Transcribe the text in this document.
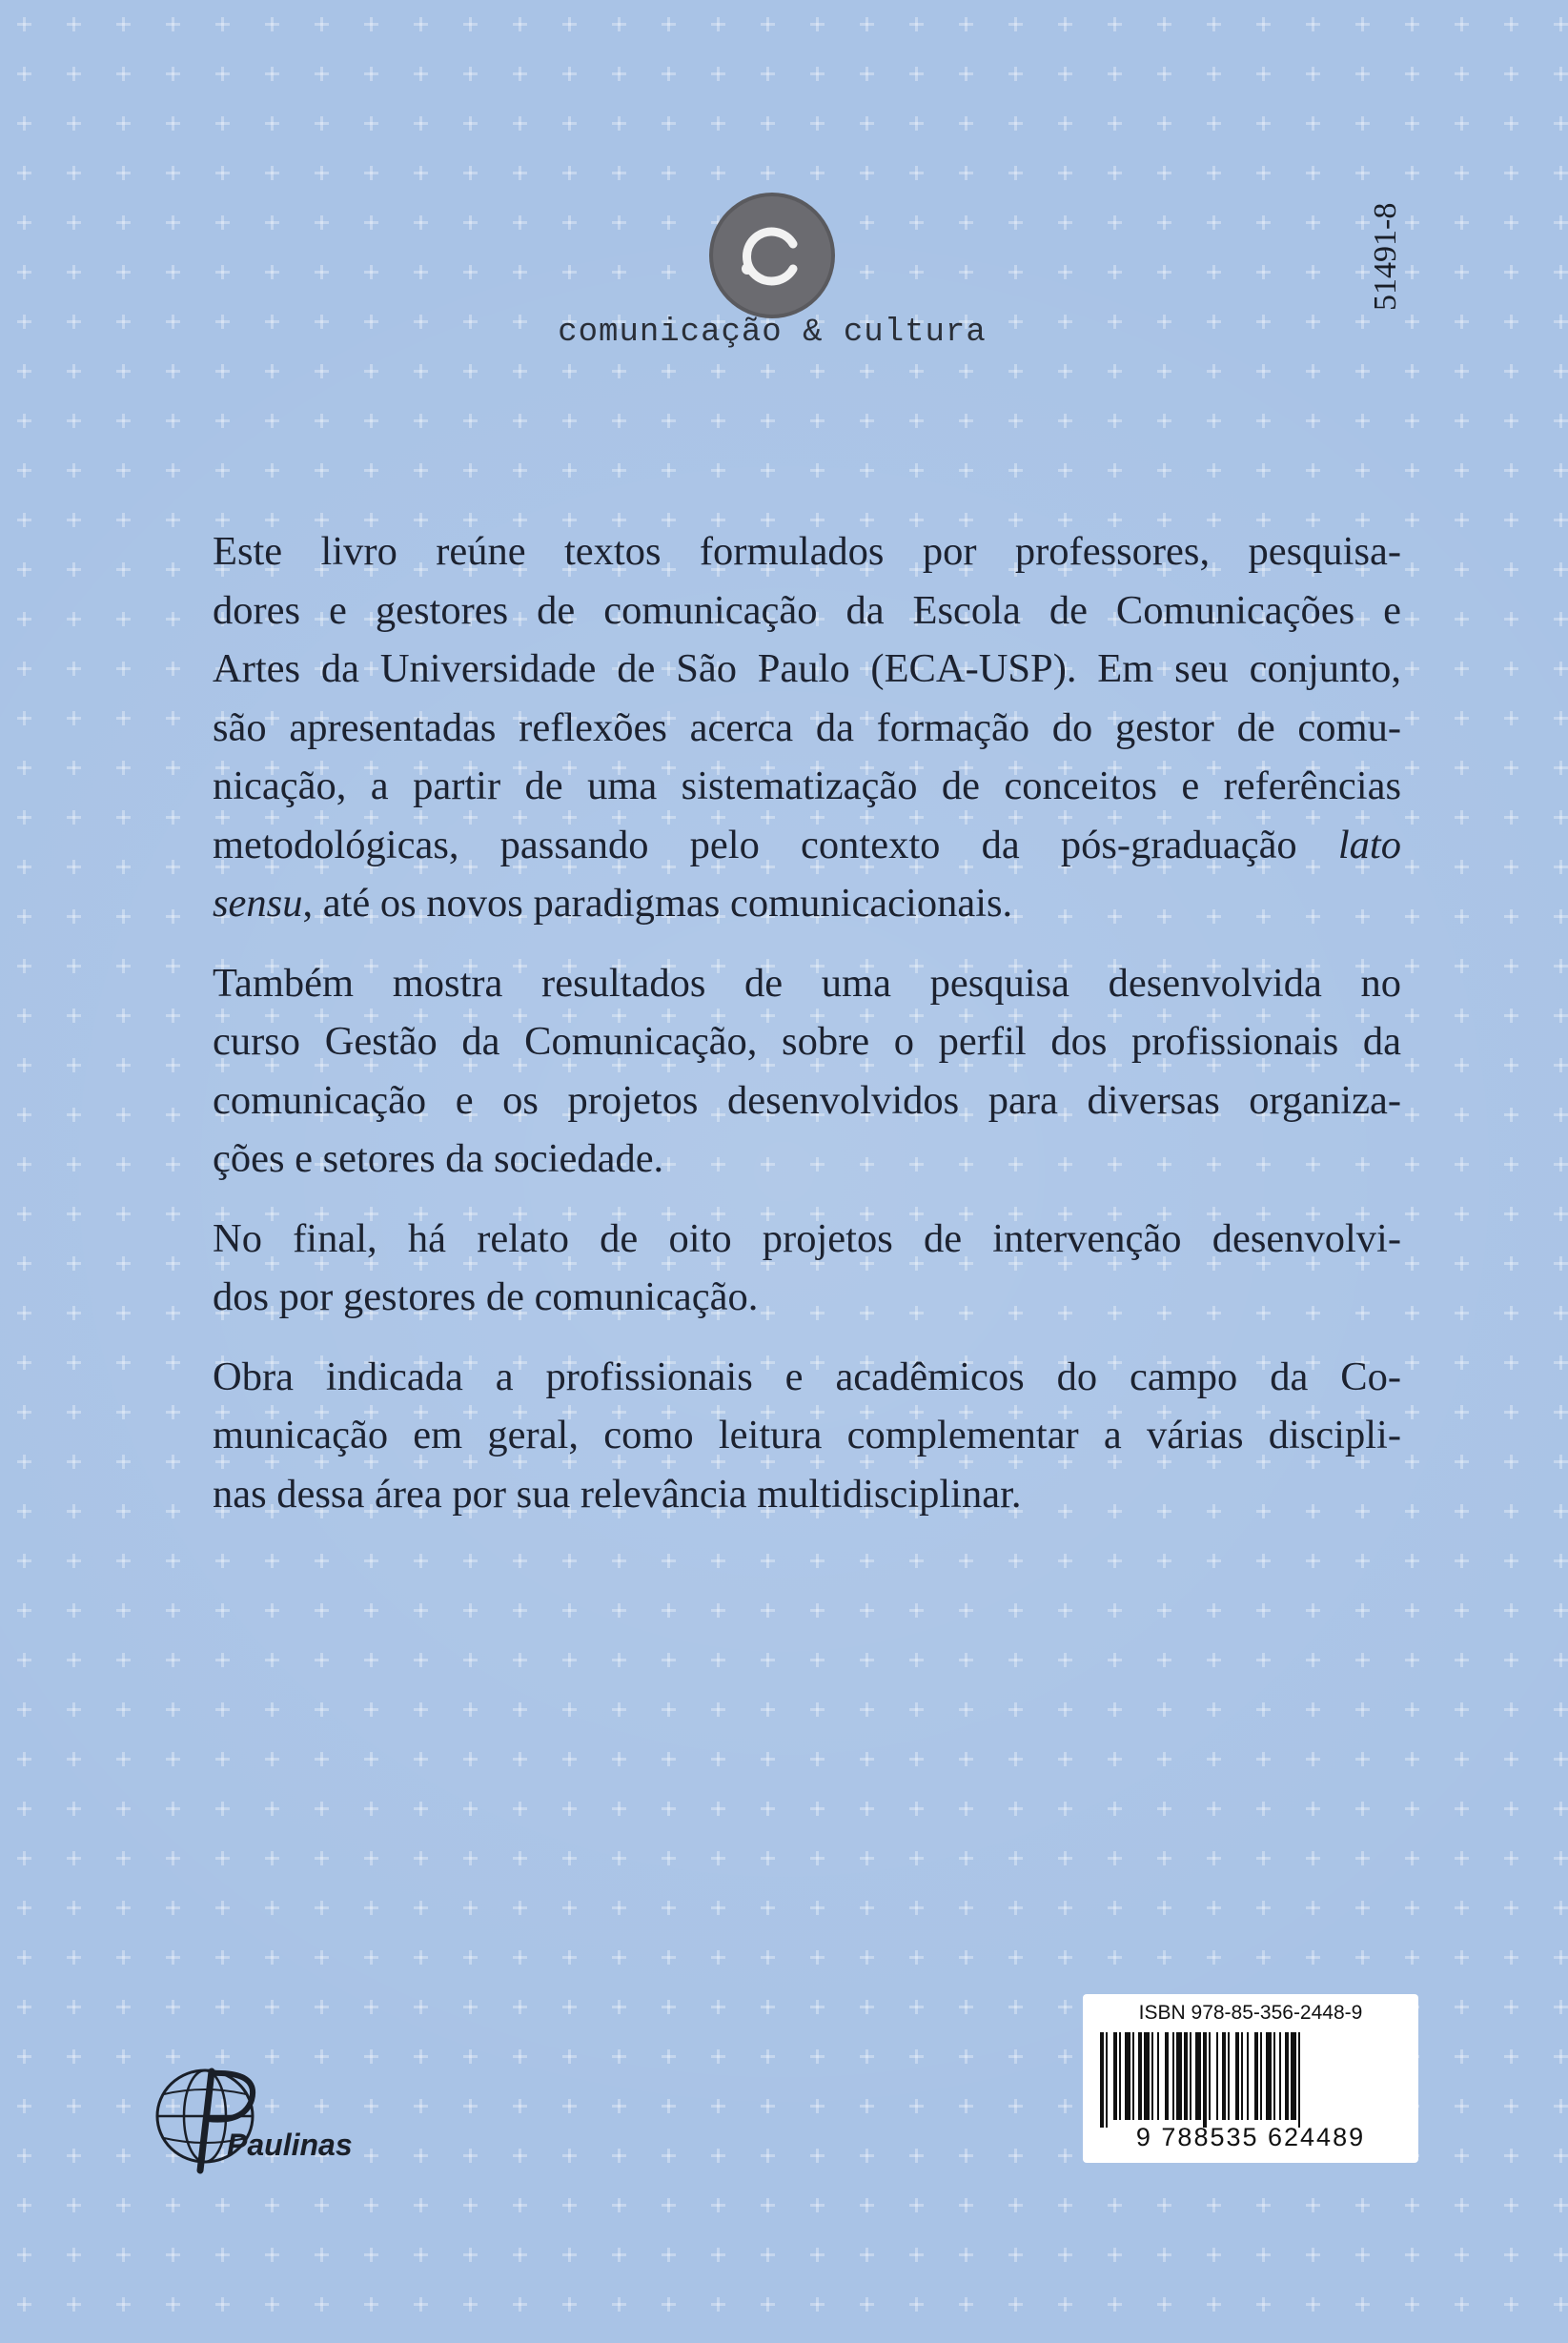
comunicação & cultura
51491-8

Este livro reúne textos formulados por professores, pesquisa-
dores e gestores de comunicação da Escola de Comunicações e
Artes da Universidade de São Paulo (ECA-USP). Em seu conjunto,
são apresentadas reflexões acerca da formação do gestor de comu-
nicação, a partir de uma sistematização de conceitos e referências
metodológicas, passando pelo contexto da pós-graduação lato
sensu, até os novos paradigmas comunicacionais.

Também mostra resultados de uma pesquisa desenvolvida no
curso Gestão da Comunicação, sobre o perfil dos profissionais da
comunicação e os projetos desenvolvidos para diversas organiza-
ções e setores da sociedade.

No final, há relato de oito projetos de intervenção desenvolvi-
dos por gestores de comunicação.

Obra indicada a profissionais e acadêmicos do campo da Co-
municação em geral, como leitura complementar a várias discipli-
nas dessa área por sua relevância multidisciplinar.

Paulinas
ISBN 978-85-356-2448-9
9 788535 624489
